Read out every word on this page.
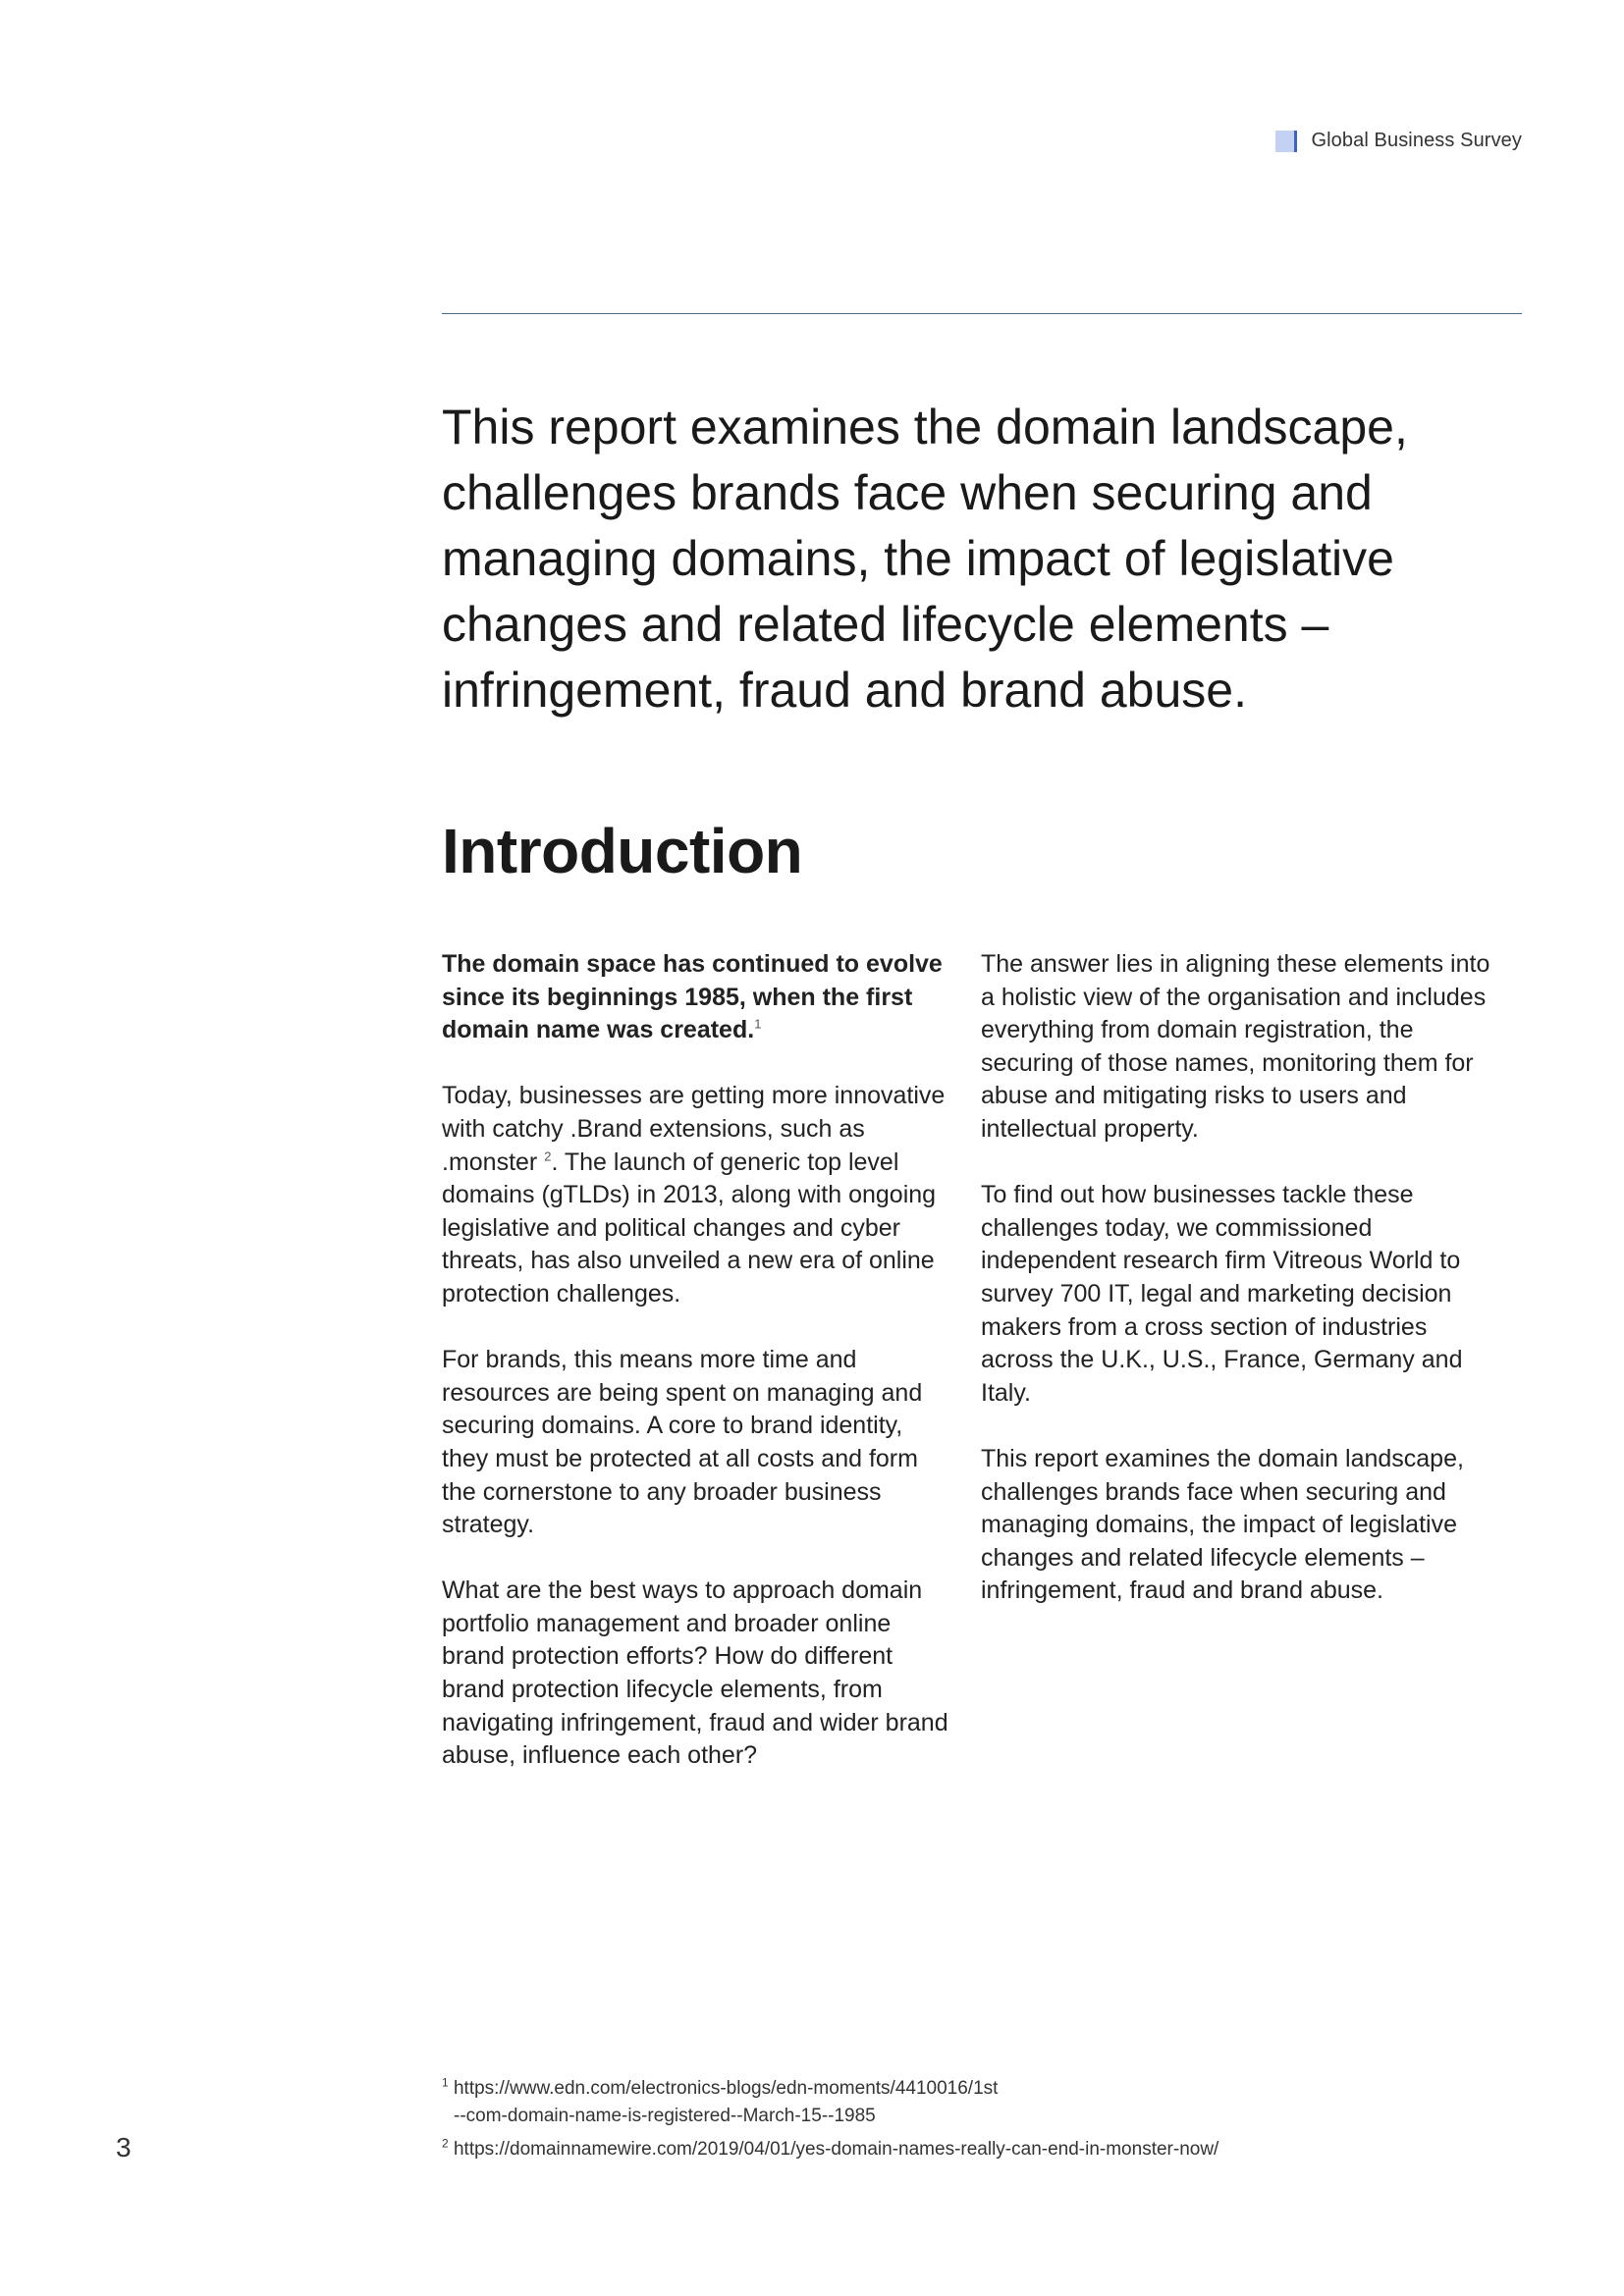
Global Business Survey

This report examines the domain landscape, challenges brands face when securing and managing domains, the impact of legislative changes and related lifecycle elements – infringement, fraud and brand abuse.

Introduction

The domain space has continued to evolve since its beginnings 1985, when the first domain name was created.$^1$

Today, businesses are getting more innovative with catchy .Brand extensions, such as .monster $^2$. The launch of generic top level domains (gTLDs) in 2013, along with ongoing legislative and political changes and cyber threats, has also unveiled a new era of online protection challenges.

For brands, this means more time and resources are being spent on managing and securing domains. A core to brand identity, they must be protected at all costs and form the cornerstone to any broader business strategy.

What are the best ways to approach domain portfolio management and broader online brand protection efforts? How do different brand protection lifecycle elements, from navigating infringement, fraud and wider brand abuse, influence each other?

The answer lies in aligning these elements into a holistic view of the organisation and includes everything from domain registration, the securing of those names, monitoring them for abuse and mitigating risks to users and intellectual property.

To find out how businesses tackle these challenges today, we commissioned independent research firm Vitreous World to survey 700 IT, legal and marketing decision makers from a cross section of industries across the U.K., U.S., France, Germany and Italy.

This report examines the domain landscape, challenges brands face when securing and managing domains, the impact of legislative changes and related lifecycle elements – infringement, fraud and brand abuse.

$^1$ https://www.edn.com/electronics-blogs/edn-moments/4410016/1st
--com-domain-name-is-registered--March-15--1985
$^2$ https://domainnamewire.com/2019/04/01/yes-domain-names-really-can-end-in-monster-now/
3
